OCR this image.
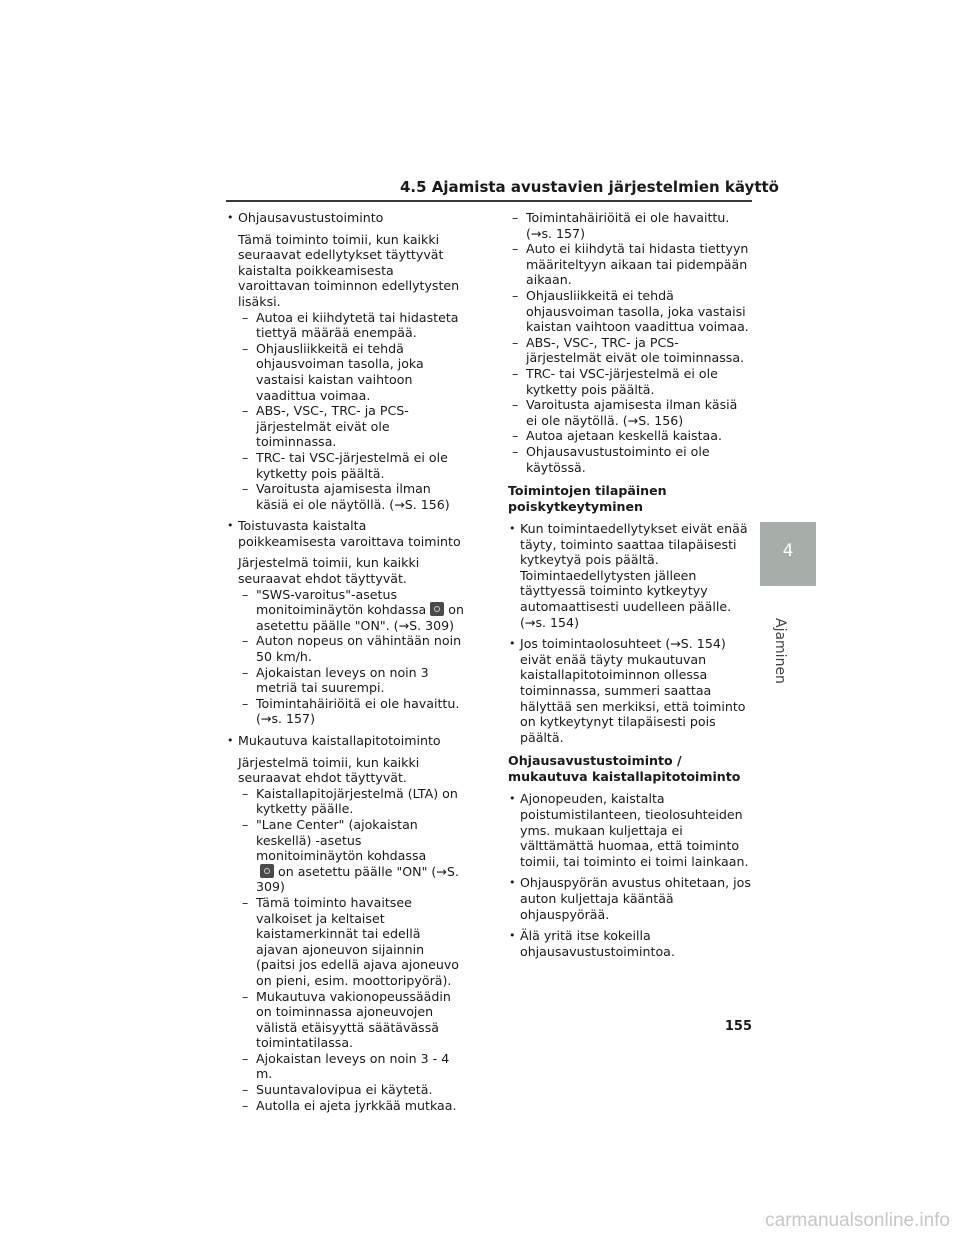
4.5 Ajamista avustavien järjestelmien käyttö
• Ohjausavustustoiminto
Tämä toiminto toimii, kun kaikki seuraavat edellytykset täyttyvät kaistalta poikkeamisesta varoittavan toiminnon edellytysten lisäksi.
– Autoa ei kiihdytetä tai hidasteta tiettyä määrää enempää.
– Ohjausliikkeitä ei tehdä ohjausvoiman tasolla, joka vastaisi kaistan vaihtoon vaadittua voimaa.
– ABS-, VSC-, TRC- ja PCS-järjestelmät eivät ole toiminnassa.
– TRC- tai VSC-järjestelmä ei ole kytketty pois päältä.
– Varoitusta ajamisesta ilman käsiä ei ole näytöllä. (→S. 156)
• Toistuvasta kaistalta poikkeamisesta varoittava toiminto
Järjestelmä toimii, kun kaikki seuraavat ehdot täyttyvät.
– "SWS-varoitus"-asetus monitoiminäytön kohdassa on asetettu päälle "ON". (→S. 309)
– Auton nopeus on vähintään noin 50 km/h.
– Ajokaistan leveys on noin 3 metriä tai suurempi.
– Toimintahäiriöitä ei ole havaittu. (→s. 157)
• Mukautuva kaistallapitotoiminto
Järjestelmä toimii, kun kaikki seuraavat ehdot täyttyvät.
– Kaistallapitojärjestelmä (LTA) on kytketty päälle.
– "Lane Center" (ajokaistan keskellä) -asetus monitoiminäytön kohdassa
on asetettu päälle "ON" (→S. 309)
– Tämä toiminto havaitsee valkoiset ja keltaiset kaistamerkinnät tai edellä ajavan ajoneuvon sijainnin (paitsi jos edellä ajava ajoneuvo on pieni, esim. moottoripyörä).
– Mukautuva vakionopeussäädin on toiminnassa ajoneuvojen välistä etäisyyttä säätävässä toimintatilassa.
– Ajokaistan leveys on noin 3 - 4 m.
– Suuntavalovipua ei käytetä.
– Autolla ei ajeta jyrkkää mutkaa.
– Toimintahäiriöitä ei ole havaittu. (→s. 157)
– Auto ei kiihdytä tai hidasta tiettyyn määriteltyyn aikaan tai pidempään aikaan.
– Ohjausliikkeitä ei tehdä ohjausvoiman tasolla, joka vastaisi kaistan vaihtoon vaadittua voimaa.
– ABS-, VSC-, TRC- ja PCS-järjestelmät eivät ole toiminnassa.
– TRC- tai VSC-järjestelmä ei ole kytketty pois päältä.
– Varoitusta ajamisesta ilman käsiä ei ole näytöllä. (→S. 156)
– Autoa ajetaan keskellä kaistaa.
– Ohjausavustustoiminto ei ole käytössä.
Toimintojen tilapäinen poiskytkeytyminen
• Kun toimintaedellytykset eivät enää täyty, toiminto saattaa tilapäisesti kytkeytyä pois päältä. Toimintaedellytysten jälleen täyttyessä toiminto kytkeytyy automaattisesti uudelleen päälle. (→s. 154)
• Jos toimintaolosuhteet (→S. 154) eivät enää täyty mukautuvan kaistallapitotoiminnon ollessa toiminnassa, summeri saattaa hälyttää sen merkiksi, että toiminto on kytkeytynyt tilapäisesti pois päältä.
Ohjausavustustoiminto / mukautuva kaistallapitotoiminto
• Ajonopeuden, kaistalta poistumistilanteen, tieolosuhteiden yms. mukaan kuljettaja ei välttämättä huomaa, että toiminto toimii, tai toiminto ei toimi lainkaan.
• Ohjauspyörän avustus ohitetaan, jos auton kuljettaja kääntää ohjauspyörää.
• Älä yritä itse kokeilla ohjausavustustoimintoa.
4
Ajaminen
155
carmanualsonline.info
